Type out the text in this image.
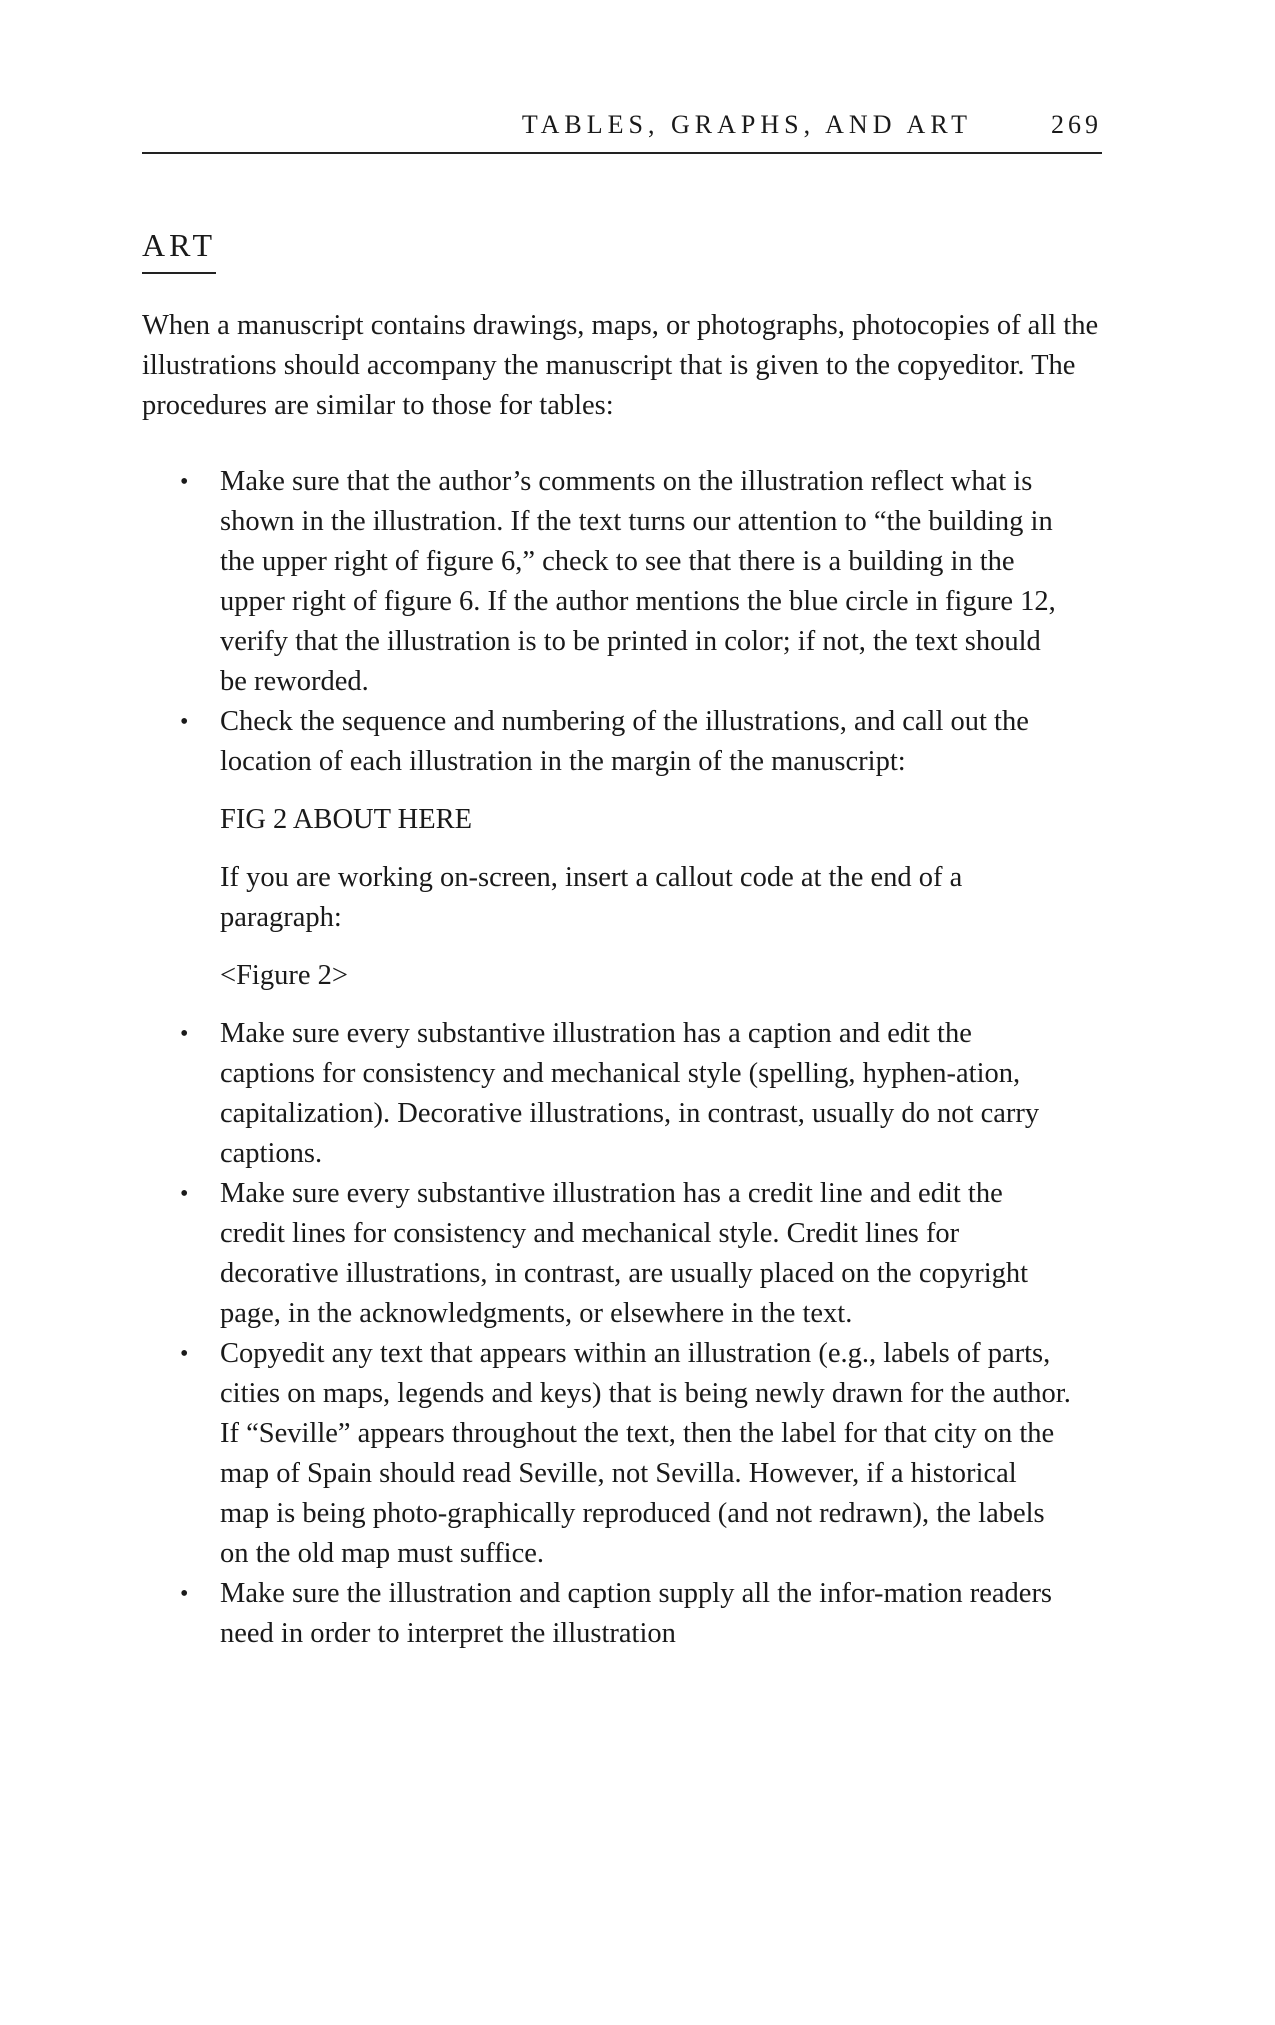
TABLES, GRAPHS, AND ART	269
ART

When a manuscript contains drawings, maps, or photographs, photocopies of all the illustrations should accompany the manuscript that is given to the copyeditor. The procedures are similar to those for tables:

• Make sure that the author’s comments on the illustration reflect what is shown in the illustration. If the text turns our attention to “the building in the upper right of figure 6,” check to see that there is a building in the upper right of figure 6. If the author mentions the blue circle in figure 12, verify that the illustration is to be printed in color; if not, the text should be reworded.

• Check the sequence and numbering of the illustrations, and call out the location of each illustration in the margin of the manuscript:

FIG 2 ABOUT HERE

If you are working on-screen, insert a callout code at the end of a paragraph:

<Figure 2>

• Make sure every substantive illustration has a caption and edit the captions for consistency and mechanical style (spelling, hyphen-ation, capitalization). Decorative illustrations, in contrast, usually do not carry captions.

• Make sure every substantive illustration has a credit line and edit the credit lines for consistency and mechanical style. Credit lines for decorative illustrations, in contrast, are usually placed on the copyright page, in the acknowledgments, or elsewhere in the text.

• Copyedit any text that appears within an illustration (e.g., labels of parts, cities on maps, legends and keys) that is being newly drawn for the author. If “Seville” appears throughout the text, then the label for that city on the map of Spain should read Seville, not Sevilla. However, if a historical map is being photo-graphically reproduced (and not redrawn), the labels on the old map must suffice.

• Make sure the illustration and caption supply all the infor-mation readers need in order to interpret the illustration
